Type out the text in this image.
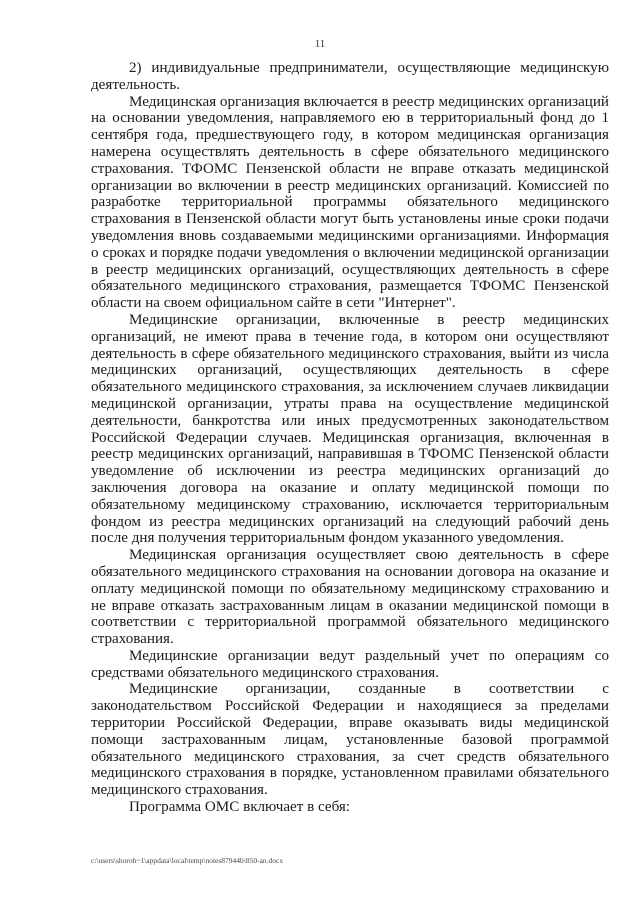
11

2) индивидуальные предприниматели, осуществляющие медицинскую деятельность.

Медицинская организация включается в реестр медицинских организаций на основании уведомления, направляемого ею в территориальный фонд до 1 сентября года, предшествующего году, в котором медицинская организация намерена осуществлять деятельность в сфере обязательного медицинского страхования. ТФОМС Пензенской области не вправе отказать медицинской организации во включении в реестр медицинских организаций. Комиссией по разработке территориальной программы обязательного медицинского страхования в Пензенской области могут быть установлены иные сроки подачи уведомления вновь создаваемыми медицинскими организациями. Информация о сроках и порядке подачи уведомления о включении медицинской организации в реестр медицинских организаций, осуществляющих деятельность в сфере обязательного медицинского страхования, размещается ТФОМС Пензенской области на своем официальном сайте в сети "Интернет".

Медицинские организации, включенные в реестр медицинских организаций, не имеют права в течение года, в котором они осуществляют деятельность в сфере обязательного медицинского страхования, выйти из числа медицинских организаций, осуществляющих деятельность в сфере обязательного медицинского страхования, за исключением случаев ликвидации медицинской организации, утраты права на осуществление медицинской деятельности, банкротства или иных предусмотренных законодательством Российской Федерации случаев. Медицинская организация, включенная в реестр медицинских организаций, направившая в ТФОМС Пензенской области уведомление об исключении из реестра медицинских организаций до заключения договора на оказание и оплату медицинской помощи по обязательному медицинскому страхованию, исключается территориальным фондом из реестра медицинских организаций на следующий рабочий день после дня получения территориальным фондом указанного уведомления.

Медицинская организация осуществляет свою деятельность в сфере обязательного медицинского страхования на основании договора на оказание и оплату медицинской помощи по обязательному медицинскому страхованию и не вправе отказать застрахованным лицам в оказании медицинской помощи в соответствии с территориальной программой обязательного медицинского страхования.

Медицинские организации ведут раздельный учет по операциям со средствами обязательного медицинского страхования.

Медицинские организации, созданные в соответствии с законодательством Российской Федерации и находящиеся за пределами территории Российской Федерации, вправе оказывать виды медицинской помощи застрахованным лицам, установленные базовой программой обязательного медицинского страхования, за счет средств обязательного медицинского страхования в порядке, установленном правилами обязательного медицинского страхования.

Программа ОМС включает в себя:

c:\users\shoroh~1\appdata\local\temp\notes87944b\850-an.docx
